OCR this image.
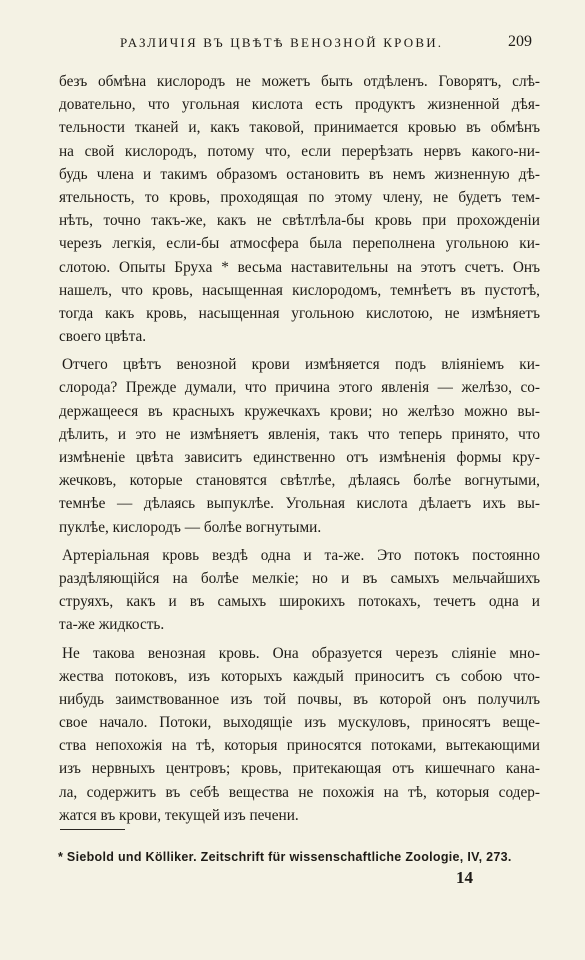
РАЗЛИЧІЯ ВЪ ЦВѢТѢ ВЕНОЗНОЙ КРОВИ.	209
безъ обмѣна кислородъ не можетъ быть отдѣленъ. Говорятъ, слѣ-
довательно, что угольная кислота есть продуктъ жизненной дѣя-
тельности тканей и, какъ таковой, принимается кровью въ обмѣнъ
на свой кислородъ, потому что, если перерѣзать нервъ какого-ни-
будь члена и такимъ образомъ остановить въ немъ жизненную дѣ-
ятельность, то кровь, проходящая по этому члену, не будетъ тем-
нѣть, точно такъ-же, какъ не свѣтлѣла-бы кровь при прохожденіи
черезъ легкія, если-бы атмосфера была переполнена угольною ки-
слотою. Опыты Бруха * весьма наставительны на этотъ счетъ. Онъ
нашелъ, что кровь, насыщенная кислородомъ, темнѣетъ въ пустотѣ,
тогда какъ кровь, насыщенная угольною кислотою, не измѣняетъ
своего цвѣта.
Отчего цвѣтъ венозной крови измѣняется подъ вліяніемъ ки-
слорода? Прежде думали, что причина этого явленія — желѣзо, со-
держащееся въ красныхъ кружечкахъ крови; но желѣзо можно вы-
дѣлить, и это не измѣняетъ явленія, такъ что теперь принято, что
измѣненіе цвѣта зависитъ единственно отъ измѣненія формы кру-
жечковъ, которые становятся свѣтлѣе, дѣлаясь болѣе вогнутыми,
темнѣе — дѣлаясь выпуклѣе. Угольная кислота дѣлаетъ ихъ вы-
пуклѣе, кислородъ — болѣе вогнутыми.
Артеріальная кровь вездѣ одна и та-же. Это потокъ постоянно
раздѣляющійся на болѣе мелкіе; но и въ самыхъ мельчайшихъ
струяхъ, какъ и въ самыхъ широкихъ потокахъ, течетъ одна и
та-же жидкость.
Не такова венозная кровь. Она образуется черезъ сліяніе мно-
жества потоковъ, изъ которыхъ каждый приноситъ съ собою что-
нибудь заимствованное изъ той почвы, въ которой онъ получилъ
свое начало. Потоки, выходящіе изъ мускуловъ, приносятъ веще-
ства непохожія на тѣ, которыя приносятся потоками, вытекающими
изъ нервныхъ центровъ; кровь, притекающая отъ кишечнаго кана-
ла, содержитъ въ себѣ вещества не похожія на тѣ, которыя содер-
жатся въ крови, текущей изъ печени.
* Siebold und Kölliker. Zeitschrift für wissenschaftliche Zoologie, IV, 273.
14
